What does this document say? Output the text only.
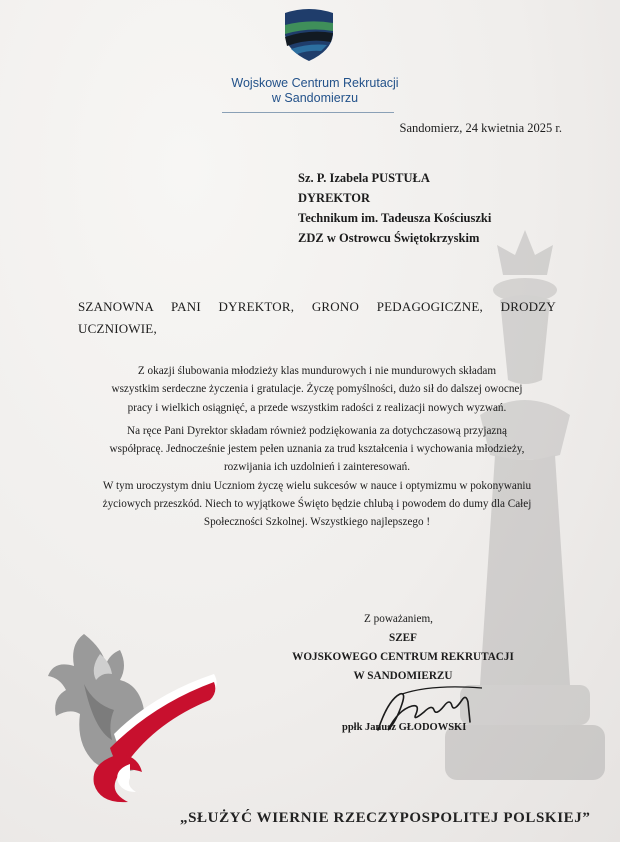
Wojskowe Centrum Rekrutacji
w Sandomierzu
Sandomierz, 24 kwietnia 2025 r.
Sz. P. Izabela PUSTUŁA
DYREKTOR
Technikum im. Tadeusza Kościuszki
ZDZ w Ostrowcu Świętokrzyskim
SZANOWNA PANI DYREKTOR, GRONO PEDAGOGICZNE, DRODZY UCZNIOWIE,

Z okazji ślubowania młodzieży klas mundurowych i nie mundurowych składam
wszystkim serdeczne życzenia i gratulacje. Życzę pomyślności, dużo sił do dalszej owocnej
pracy i wielkich osiągnięć, a przede wszystkim radości z realizacji nowych wyzwań.

Na ręce Pani Dyrektor składam również podziękowania za dotychczasową przyjazną
współpracę. Jednocześnie jestem pełen uznania za trud kształcenia i wychowania młodzieży,
rozwijania ich uzdolnień i zainteresowań.

W tym uroczystym dniu Uczniom życzę wielu sukcesów w nauce i optymizmu w pokonywaniu
życiowych przeszkód. Niech to wyjątkowe Święto będzie chlubą i powodem do dumy dla Całej
Społeczności Szkolnej. Wszystkiego najlepszego !

Z poważaniem,
SZEF
WOJSKOWEGO CENTRUM REKRUTACJI
W SANDOMIERZU
ppłk Janusz GŁODOWSKI
„SŁUŻYĆ WIERNIE RZECZYPOSPOLITEJ POLSKIEJ”
